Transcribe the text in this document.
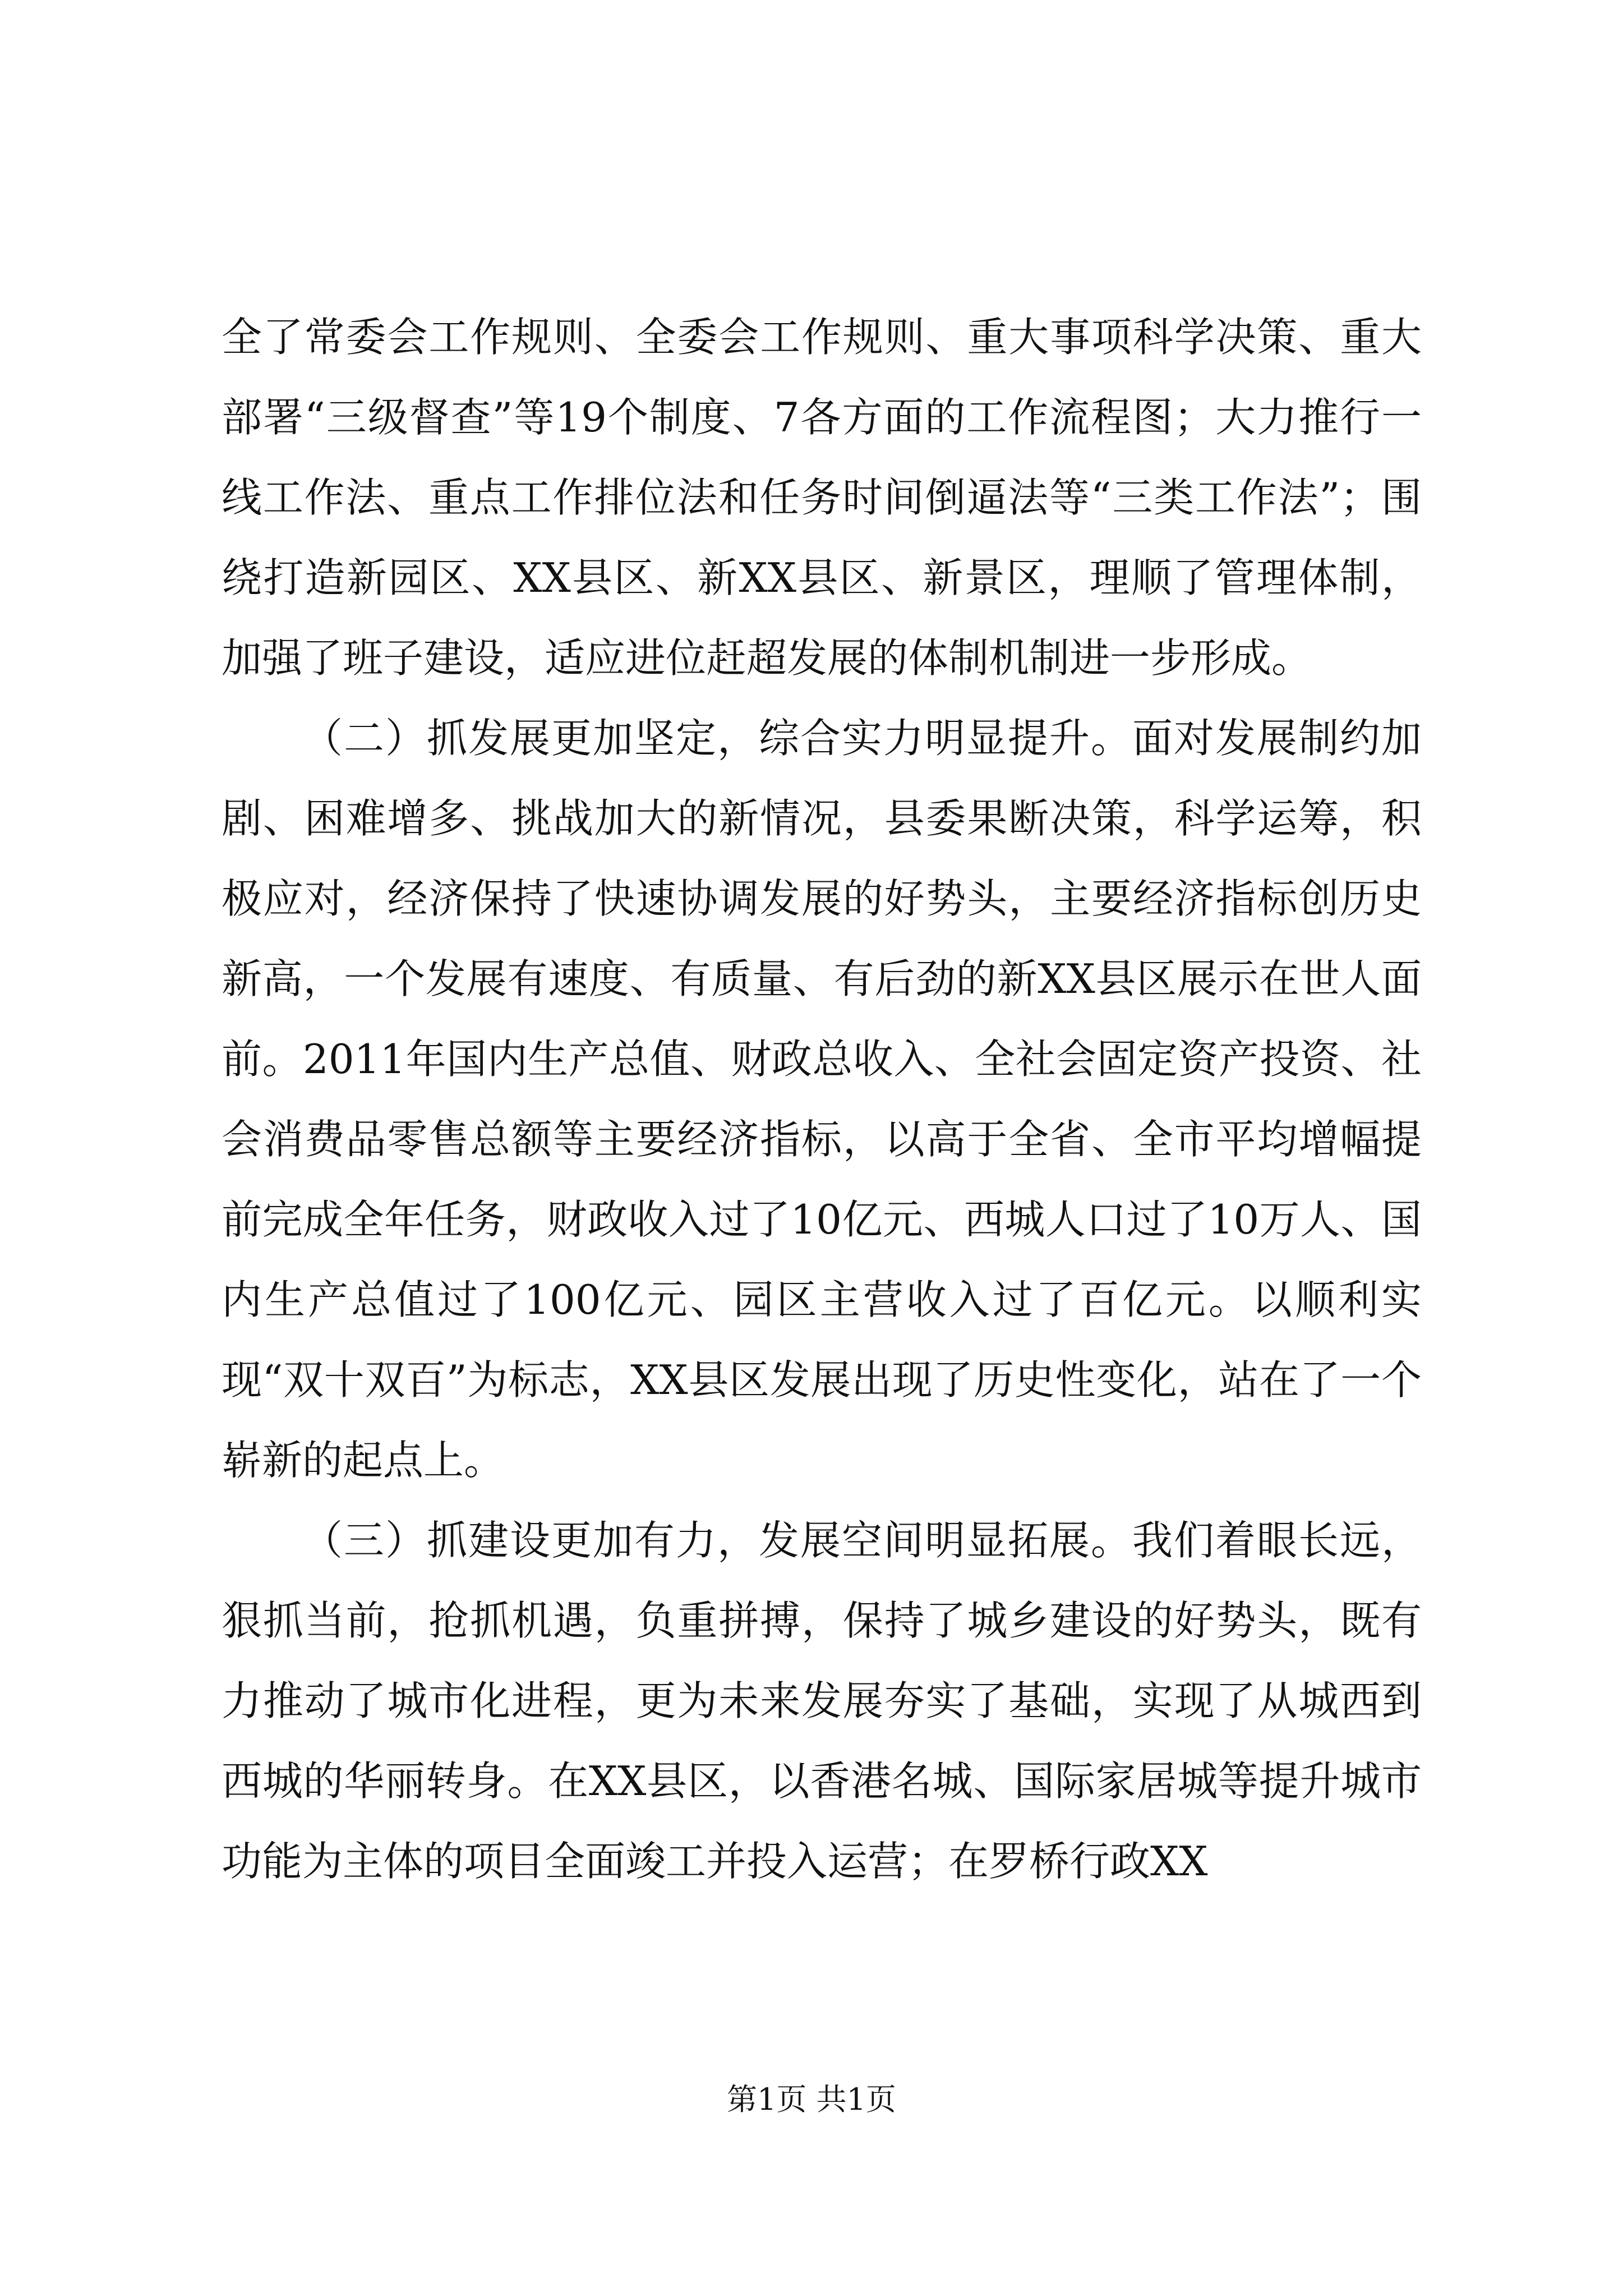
全了常委会工作规则、全委会工作规则、重大事项科学决策、重大部署“三级督查”等19个制度、7各方面的工作流程图；大力推行一线工作法、重点工作排位法和任务时间倒逼法等“三类工作法”；围绕打造新园区、XX县区、新XX县区、新景区，理顺了管理体制，加强了班子建设，适应进位赶超发展的体制机制进一步形成。

（二）抓发展更加坚定，综合实力明显提升。面对发展制约加剧、困难增多、挑战加大的新情况，县委果断决策，科学运筹，积极应对，经济保持了快速协调发展的好势头，主要经济指标创历史新高，一个发展有速度、有质量、有后劲的新XX县区展示在世人面前。2011年国内生产总值、财政总收入、全社会固定资产投资、社会消费品零售总额等主要经济指标，以高于全省、全市平均增幅提前完成全年任务，财政收入过了10亿元、西城人口过了10万人、国内生产总值过了100亿元、园区主营收入过了百亿元。以顺利实现“双十双百”为标志，XX县区发展出现了历史性变化，站在了一个崭新的起点上。

（三）抓建设更加有力，发展空间明显拓展。我们着眼长远，狠抓当前，抢抓机遇，负重拼搏，保持了城乡建设的好势头，既有力推动了城市化进程，更为未来发展夯实了基础，实现了从城西到西城的华丽转身。在XX县区，以香港名城、国际家居城等提升城市功能为主体的项目全面竣工并投入运营；在罗桥行政XX

第1页 共1页
